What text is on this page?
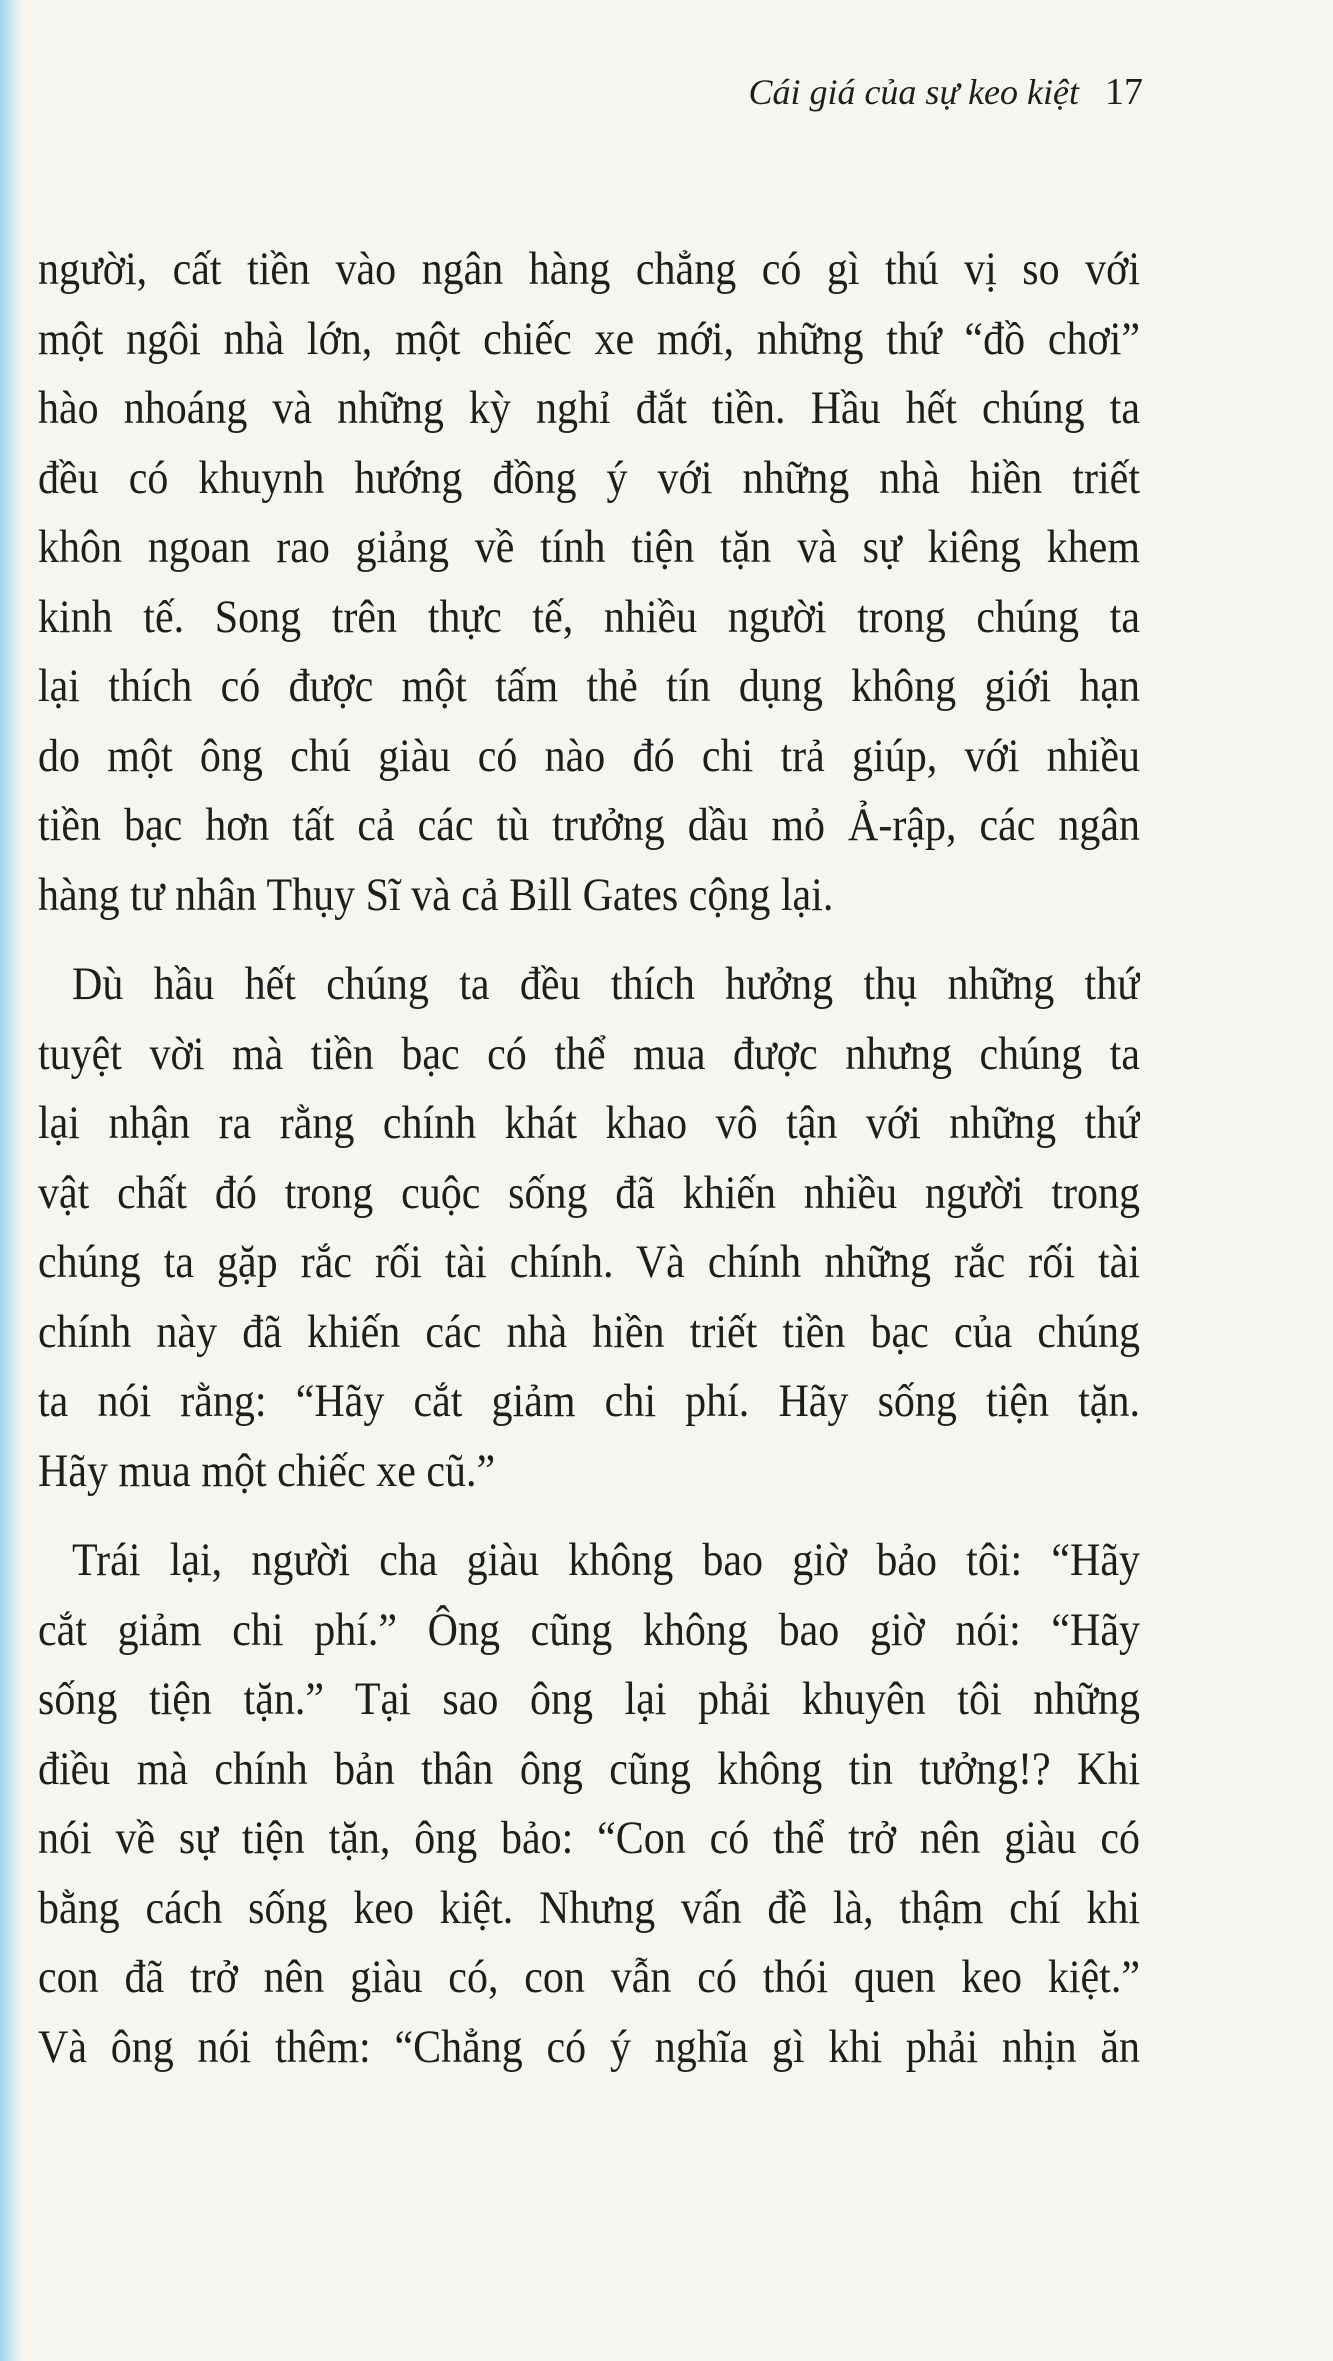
Cái giá của sự keo kiệt 17
người, cất tiền vào ngân hàng chẳng có gì thú vị so với
một ngôi nhà lớn, một chiếc xe mới, những thứ “đồ chơi”
hào nhoáng và những kỳ nghỉ đắt tiền. Hầu hết chúng ta
đều có khuynh hướng đồng ý với những nhà hiền triết
khôn ngoan rao giảng về tính tiện tặn và sự kiêng khem
kinh tế. Song trên thực tế, nhiều người trong chúng ta
lại thích có được một tấm thẻ tín dụng không giới hạn
do một ông chú giàu có nào đó chi trả giúp, với nhiều
tiền bạc hơn tất cả các tù trưởng dầu mỏ Ả-rập, các ngân
hàng tư nhân Thụy Sĩ và cả Bill Gates cộng lại.
Dù hầu hết chúng ta đều thích hưởng thụ những thứ
tuyệt vời mà tiền bạc có thể mua được nhưng chúng ta
lại nhận ra rằng chính khát khao vô tận với những thứ
vật chất đó trong cuộc sống đã khiến nhiều người trong
chúng ta gặp rắc rối tài chính. Và chính những rắc rối tài
chính này đã khiến các nhà hiền triết tiền bạc của chúng
ta nói rằng: “Hãy cắt giảm chi phí. Hãy sống tiện tặn.
Hãy mua một chiếc xe cũ.”
Trái lại, người cha giàu không bao giờ bảo tôi: “Hãy
cắt giảm chi phí.” Ông cũng không bao giờ nói: “Hãy
sống tiện tặn.” Tại sao ông lại phải khuyên tôi những
điều mà chính bản thân ông cũng không tin tưởng!? Khi
nói về sự tiện tặn, ông bảo: “Con có thể trở nên giàu có
bằng cách sống keo kiệt. Nhưng vấn đề là, thậm chí khi
con đã trở nên giàu có, con vẫn có thói quen keo kiệt.”
Và ông nói thêm: “Chẳng có ý nghĩa gì khi phải nhịn ăn
